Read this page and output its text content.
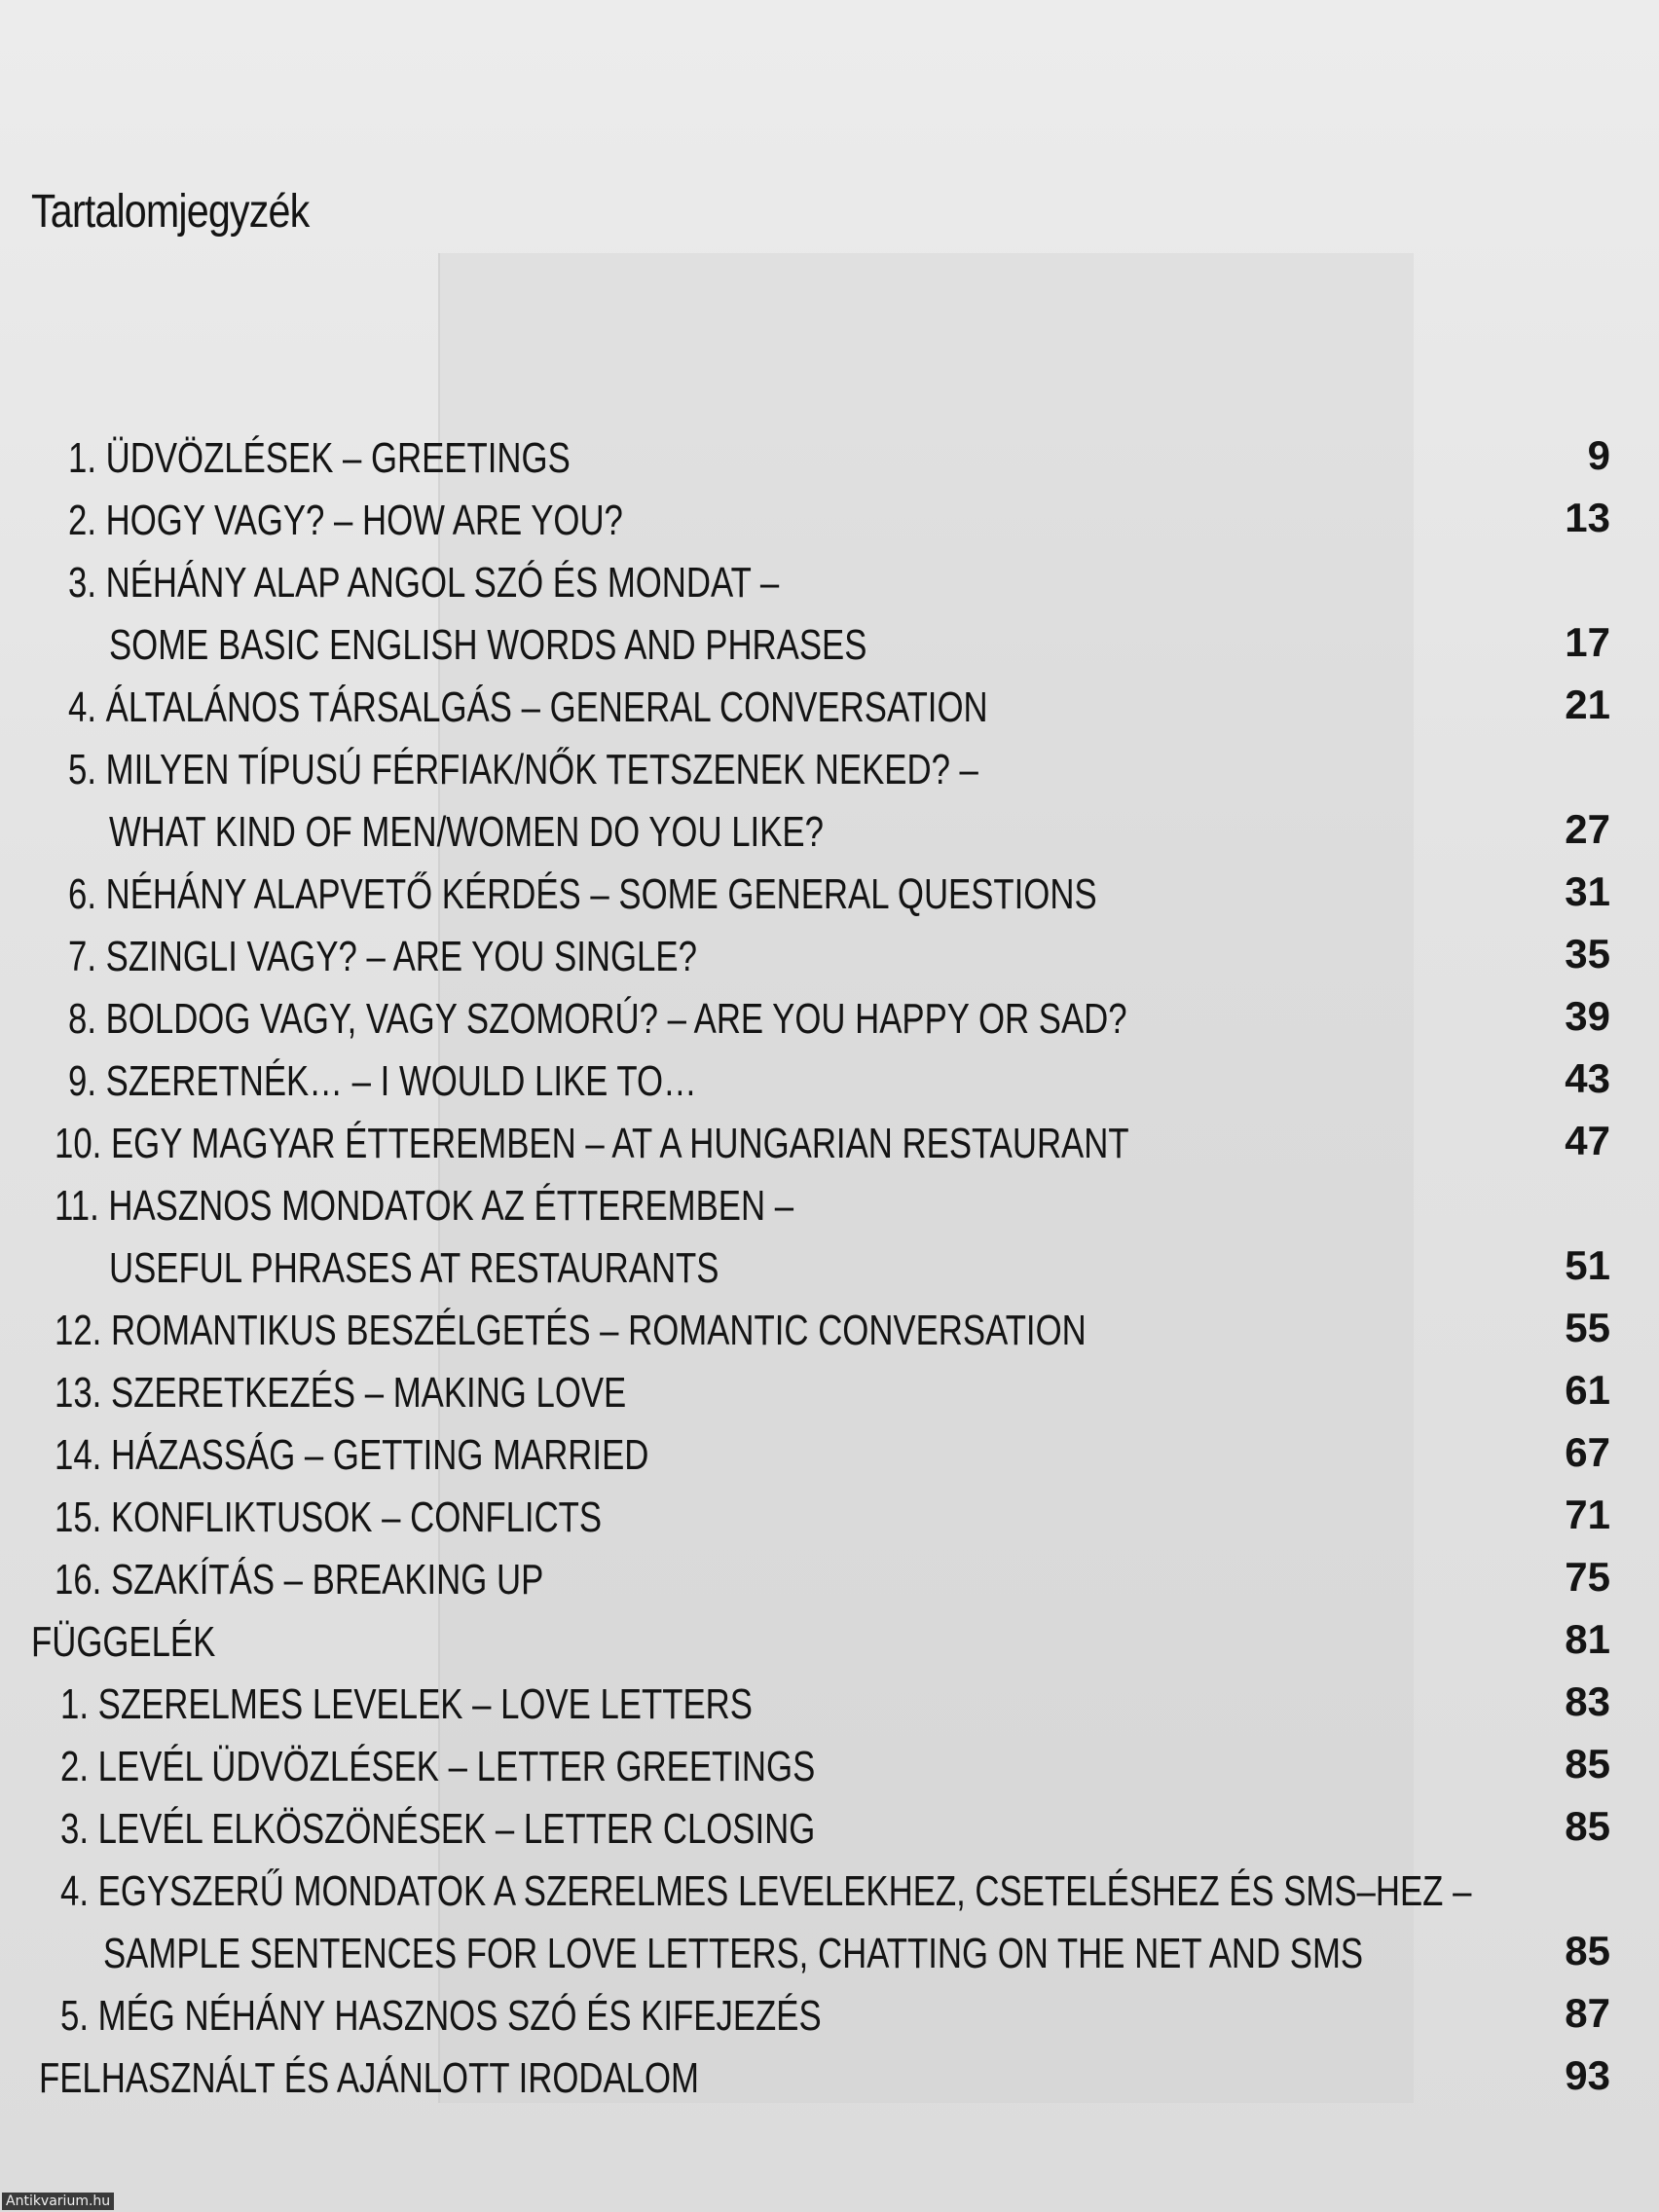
Tartalomjegyzék
1. ÜDVÖZLÉSEK – GREETINGS	9
2. HOGY VAGY? – HOW ARE YOU?	13
3. NÉHÁNY ALAP ANGOL SZÓ ÉS MONDAT –
SOME BASIC ENGLISH WORDS AND PHRASES	17
4. ÁLTALÁNOS TÁRSALGÁS – GENERAL CONVERSATION	21
5. MILYEN TÍPUSÚ FÉRFIAK/NŐK TETSZENEK NEKED? –
WHAT KIND OF MEN/WOMEN DO YOU LIKE?	27
6. NÉHÁNY ALAPVETŐ KÉRDÉS – SOME GENERAL QUESTIONS	31
7. SZINGLI VAGY? – ARE YOU SINGLE?	35
8. BOLDOG VAGY, VAGY SZOMORÚ? – ARE YOU HAPPY OR SAD?	39
9. SZERETNÉK… – I WOULD LIKE TO…	43
10. EGY MAGYAR ÉTTEREMBEN – AT A HUNGARIAN RESTAURANT	47
11. HASZNOS MONDATOK AZ ÉTTEREMBEN –
USEFUL PHRASES AT RESTAURANTS	51
12. ROMANTIKUS BESZÉLGETÉS – ROMANTIC CONVERSATION	55
13. SZERETKEZÉS – MAKING LOVE	61
14. HÁZASSÁG – GETTING MARRIED	67
15. KONFLIKTUSOK – CONFLICTS	71
16. SZAKÍTÁS – BREAKING UP	75
FÜGGELÉK	81
1. SZERELMES LEVELEK – LOVE LETTERS	83
2. LEVÉL ÜDVÖZLÉSEK – LETTER GREETINGS	85
3. LEVÉL ELKÖSZÖNÉSEK – LETTER CLOSING	85
4. EGYSZERŰ MONDATOK A SZERELMES LEVELEKHEZ, CSETELÉSHEZ ÉS SMS–HEZ –
SAMPLE SENTENCES FOR LOVE LETTERS, CHATTING ON THE NET AND SMS	85
5. MÉG NÉHÁNY HASZNOS SZÓ ÉS KIFEJEZÉS	87
FELHASZNÁLT ÉS AJÁNLOTT IRODALOM	93
Antikvarium.hu
